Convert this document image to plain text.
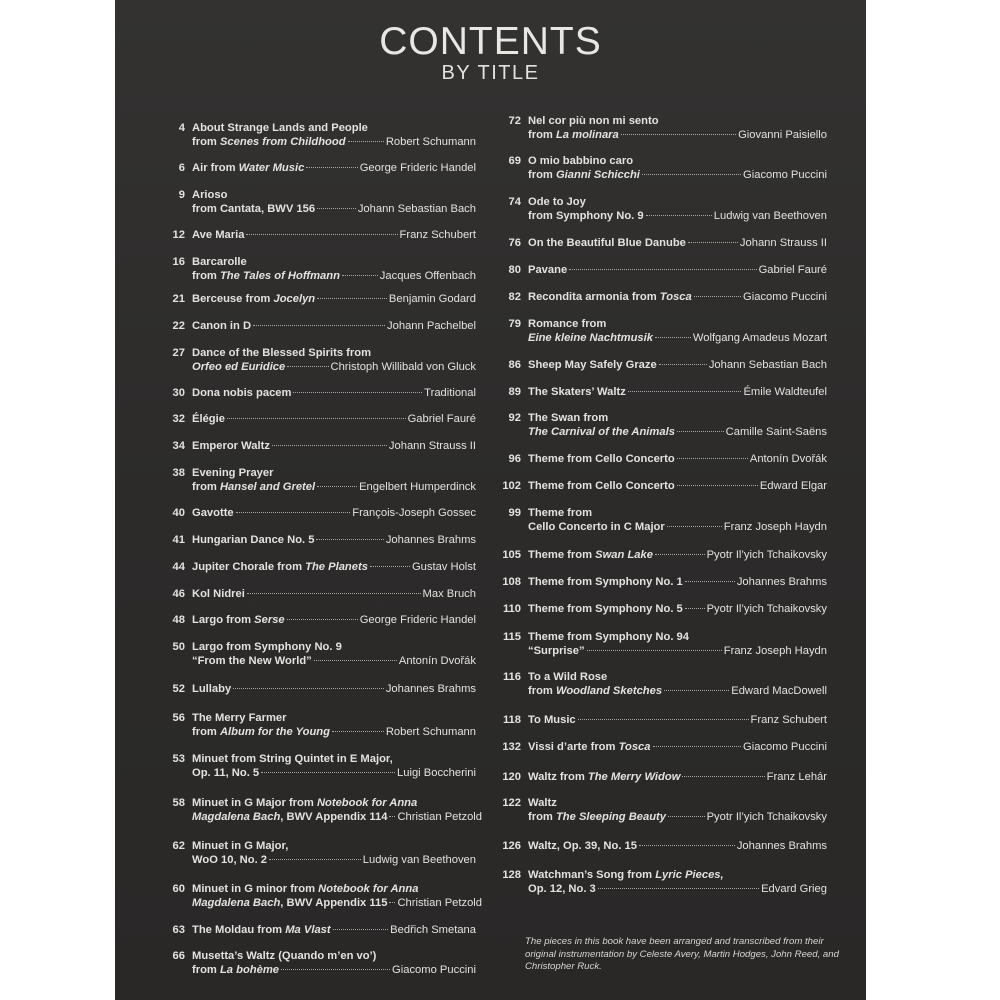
CONTENTS
BY TITLE
4 About Strange Lands and People
from Scenes from Childhood	Robert Schumann
6 Air from Water Music	George Frideric Handel
9 Arioso
from Cantata, BWV 156	Johann Sebastian Bach
12 Ave Maria	Franz Schubert
16 Barcarolle
from The Tales of Hoffmann	Jacques Offenbach
21 Berceuse from Jocelyn	Benjamin Godard
22 Canon in D	Johann Pachelbel
27 Dance of the Blessed Spirits from
Orfeo ed Euridice	Christoph Willibald von Gluck
30 Dona nobis pacem	Traditional
32 Élégie	Gabriel Fauré
34 Emperor Waltz	Johann Strauss II
38 Evening Prayer
from Hansel and Gretel	Engelbert Humperdinck
40 Gavotte	François-Joseph Gossec
41 Hungarian Dance No. 5	Johannes Brahms
44 Jupiter Chorale from The Planets	Gustav Holst
46 Kol Nidrei	Max Bruch
48 Largo from Serse	George Frideric Handel
50 Largo from Symphony No. 9
“From the New World”	Antonín Dvořák
52 Lullaby	Johannes Brahms
56 The Merry Farmer
from Album for the Young	Robert Schumann
53 Minuet from String Quintet in E Major,
Op. 11, No. 5	Luigi Boccherini
58 Minuet in G Major from Notebook for Anna
Magdalena Bach, BWV Appendix 114 Christian Petzold
62 Minuet in G Major,
WoO 10, No. 2	Ludwig van Beethoven
60 Minuet in G minor from Notebook for Anna
Magdalena Bach, BWV Appendix 115 Christian Petzold
63 The Moldau from Ma Vlast	Bedřich Smetana
66 Musetta’s Waltz (Quando m’en vo’)
from La bohème	Giacomo Puccini
72 Nel cor più non mi sento
from La molinara	Giovanni Paisiello
69 O mio babbino caro
from Gianni Schicchi	Giacomo Puccini
74 Ode to Joy
from Symphony No. 9	Ludwig van Beethoven
76 On the Beautiful Blue Danube	Johann Strauss II
80 Pavane	Gabriel Fauré
82 Recondita armonia from Tosca	Giacomo Puccini
79 Romance from
Eine kleine Nachtmusik	Wolfgang Amadeus Mozart
86 Sheep May Safely Graze	Johann Sebastian Bach
89 The Skaters’ Waltz	Émile Waldteufel
92 The Swan from
The Carnival of the Animals	Camille Saint-Saëns
96 Theme from Cello Concerto	Antonín Dvořák
102 Theme from Cello Concerto	Edward Elgar
99 Theme from
Cello Concerto in C Major	Franz Joseph Haydn
105 Theme from Swan Lake	Pyotr Il’yich Tchaikovsky
108 Theme from Symphony No. 1	Johannes Brahms
110 Theme from Symphony No. 5 Pyotr Il’yich Tchaikovsky
115 Theme from Symphony No. 94
“Surprise”	Franz Joseph Haydn
116 To a Wild Rose
from Woodland Sketches	Edward MacDowell
118 To Music	Franz Schubert
132 Vissi d’arte from Tosca	Giacomo Puccini
120 Waltz from The Merry Widow	Franz Lehár
122 Waltz
from The Sleeping Beauty	Pyotr Il’yich Tchaikovsky
126 Waltz, Op. 39, No. 15	Johannes Brahms
128 Watchman’s Song from Lyric Pieces,
Op. 12, No. 3	Edvard Grieg
The pieces in this book have been arranged and transcribed from their original instrumentation by Celeste Avery, Martin Hodges, John Reed, and Christopher Ruck.
